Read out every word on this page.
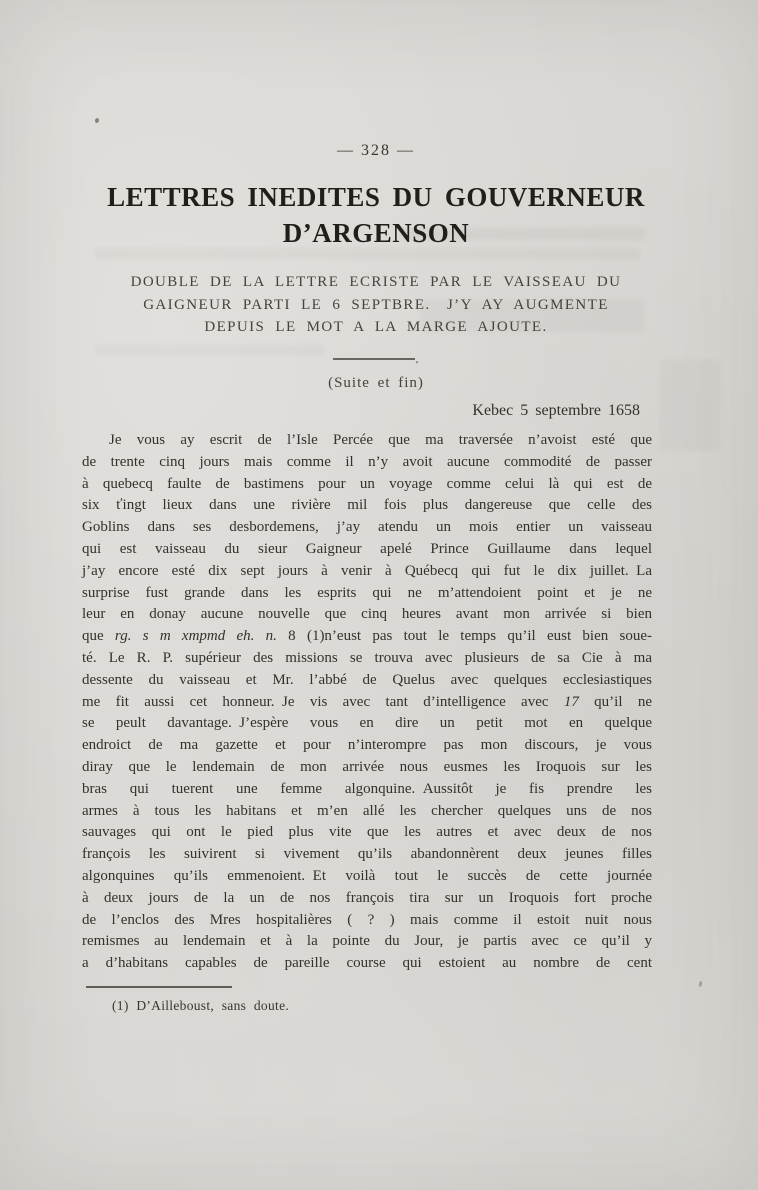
— 328 —
LETTRES INEDITES DU GOUVERNEUR
D’ARGENSON
DOUBLE DE LA LETTRE ECRISTE PAR LE VAISSEAU DU
GAIGNEUR PARTI LE 6 SEPTBRE. J’Y AY AUGMENTE
DEPUIS LE MOT A LA MARGE AJOUTE.
.
(Suite et fin)
Kebec 5 septembre 1658
Je vous ay escrit de l’Isle Percée que ma traversée n’avoist esté que
de trente cinq jours mais comme il n’y avoit aucune commodité de passer
à quebecq faulte de bastimens pour un voyage comme celui là qui est de
six ťingt lieux dans une rivière mil fois plus dangereuse que celle des
Goblins dans ses desbordemens, j’ay atendu un mois entier un vaisseau
qui est vaisseau du sieur Gaigneur apelé Prince Guillaume dans lequel
j’ay encore esté dix sept jours à venir à Québecq qui fut le dix juillet. La
surprise fust grande dans les esprits qui ne m’attendoient point et je ne
leur en donay aucune nouvelle que cinq heures avant mon arrivée si bien
que rg. s m xmpmd eh. n. 8 (1)n’eust pas tout le temps qu’il eust bien soue-
té. Le R. P. supérieur des missions se trouva avec plusieurs de sa Cie à ma
dessente du vaisseau et Mr. l’abbé de Quelus avec quelques ecclesiastiques
me fit aussi cet honneur. Je vis avec tant d’intelligence avec 17 qu’il ne
se peult davantage. J’espère vous en dire un petit mot en quelque
endroict de ma gazette et pour n’interompre pas mon discours, je vous
diray que le lendemain de mon arrivée nous eusmes les Iroquois sur les
bras qui tuerent une femme algonquine. Aussitôt je fis prendre les
armes à tous les habitans et m’en allé les chercher quelques uns de nos
sauvages qui ont le pied plus vite que les autres et avec deux de nos
françois les suivirent si vivement qu’ils abandonnèrent deux jeunes filles
algonquines qu’ils emmenoient. Et voilà tout le succès de cette journée
à deux jours de la un de nos françois tira sur un Iroquois fort proche
de l’enclos des Mres hospitalières ( ? ) mais comme il estoit nuit nous
remismes au lendemain et à la pointe du Jour, je partis avec ce qu’il y
a d’habitans capables de pareille course qui estoient au nombre de cent
(1) D’Ailleboust, sans doute.
